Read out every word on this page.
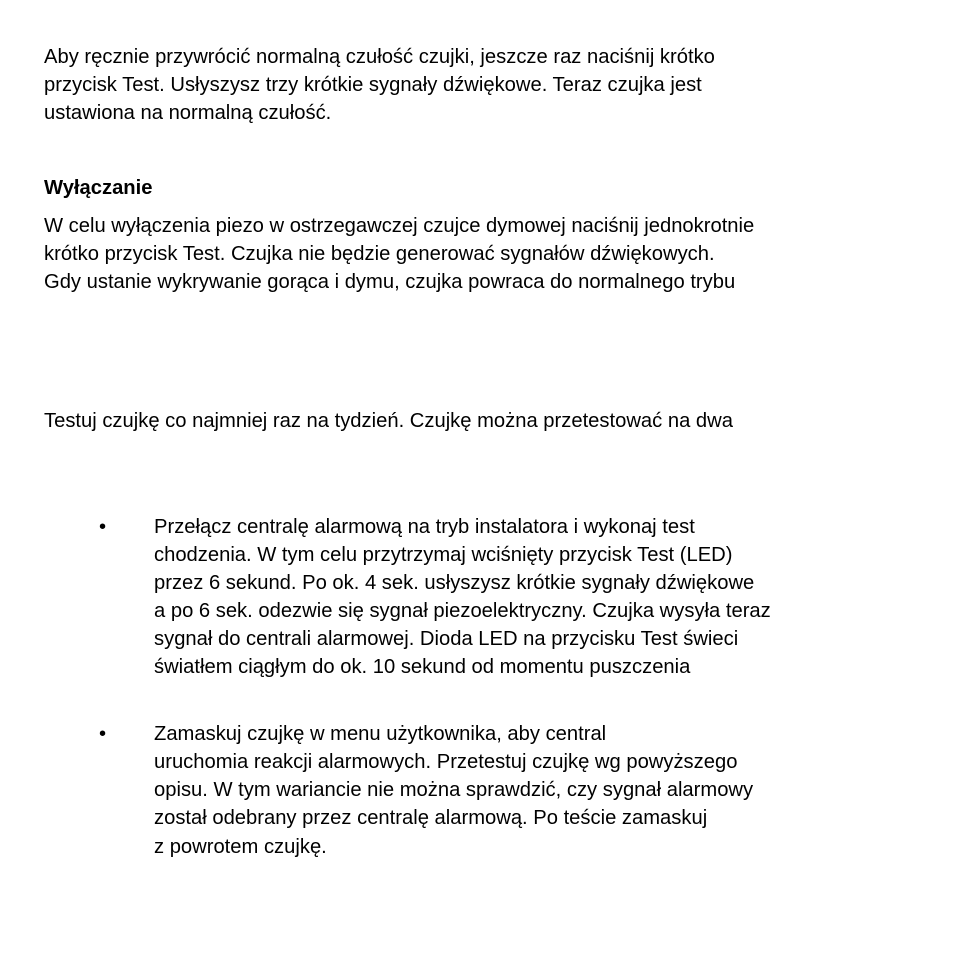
Aby ręcznie przywrócić normalną czułość czujki, jeszcze raz naciśnij krótko
przycisk Test. Usłyszysz trzy krótkie sygnały dźwiękowe. Teraz czujka jest
ustawiona na normalną czułość.
Wyłączanie
W celu wyłączenia piezo w ostrzegawczej czujce dymowej naciśnij jednokrotnie
krótko przycisk Test. Czujka nie będzie generować sygnałów dźwiękowych.
Gdy ustanie wykrywanie gorąca i dymu, czujka powraca do normalnego trybu
Testuj czujkę co najmniej raz na tydzień. Czujkę można przetestować na dwa
• Przełącz centralę alarmową na tryb instalatora i wykonaj test
chodzenia. W tym celu przytrzymaj wciśnięty przycisk Test (LED)
przez 6 sekund. Po ok. 4 sek. usłyszysz krótkie sygnały dźwiękowe
a po 6 sek. odezwie się sygnał piezoelektryczny. Czujka wysyła teraz
sygnał do centrali alarmowej. Dioda LED na przycisku Test świeci
światłem ciągłym do ok. 10 sekund od momentu puszczenia
• Zamaskuj czujkę w menu użytkownika, aby central
uruchomia reakcji alarmowych. Przetestuj czujkę wg powyższego
opisu. W tym wariancie nie można sprawdzić, czy sygnał alarmowy
został odebrany przez centralę alarmową. Po teście zamaskuj
z powrotem czujkę.
